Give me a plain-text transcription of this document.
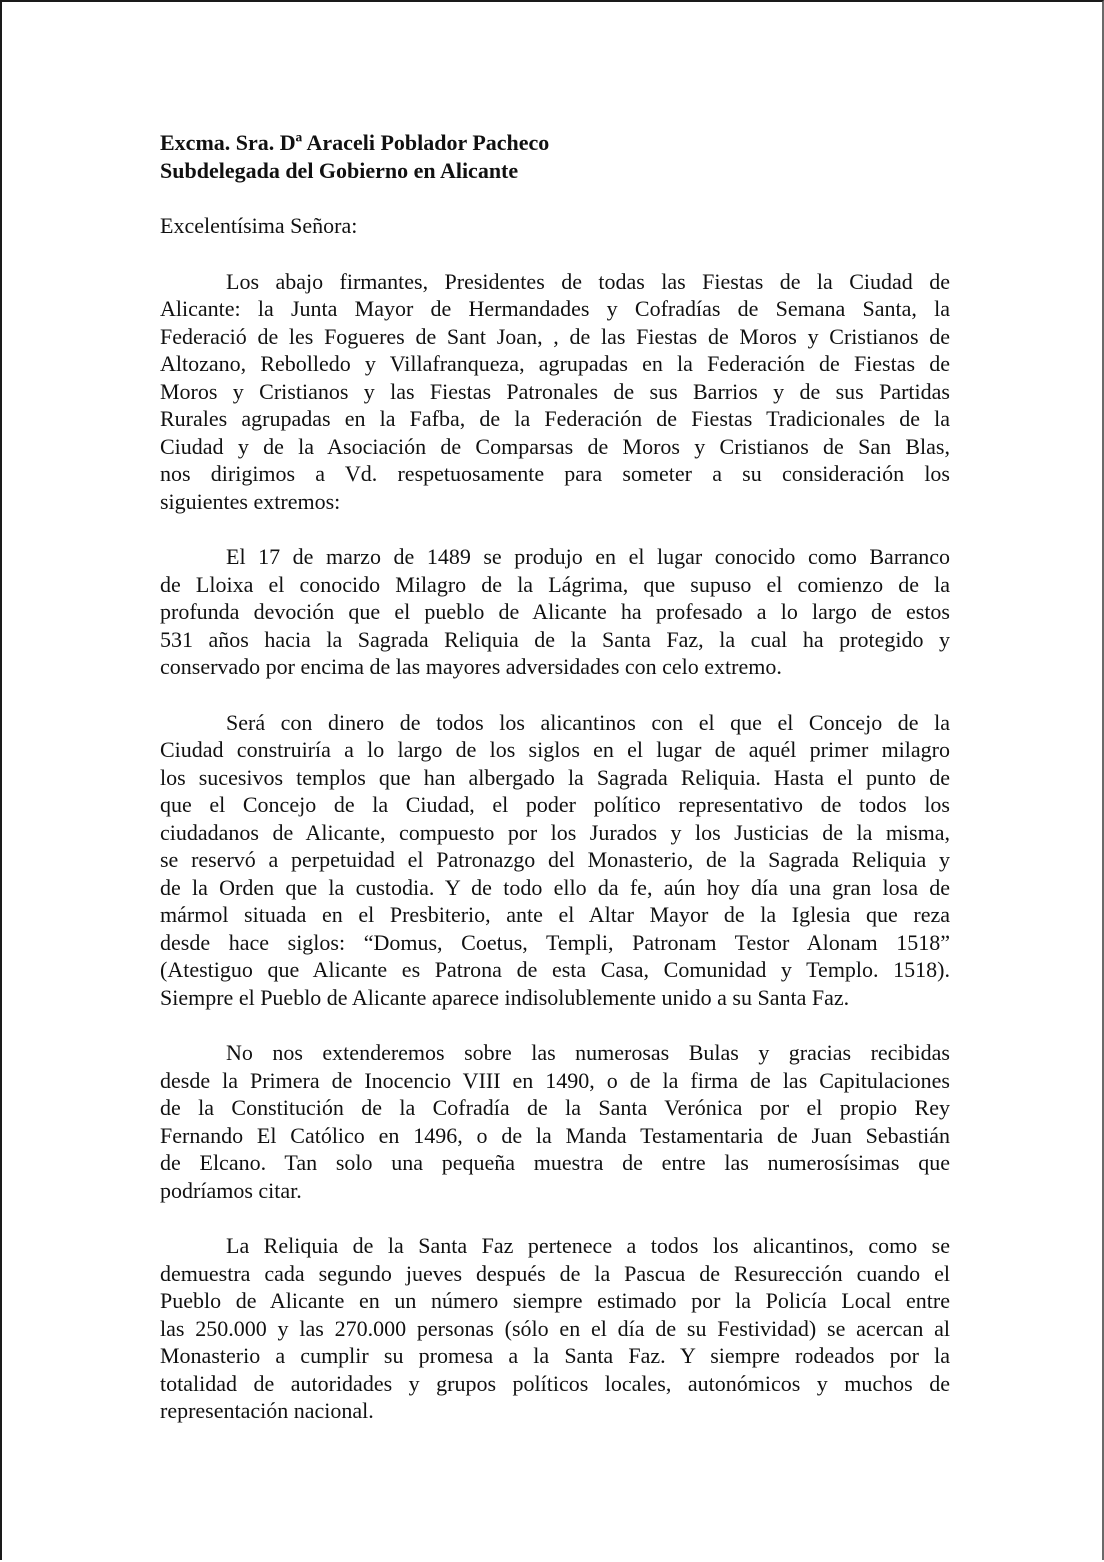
Excma. Sra. Dª Araceli Poblador Pacheco
Subdelegada del Gobierno en Alicante
Excelentísima Señora:
Los abajo firmantes, Presidentes de todas las Fiestas de la Ciudad de
Alicante: la Junta Mayor de Hermandades y Cofradías de Semana Santa, la
Federació de les Fogueres de Sant Joan, , de las Fiestas de Moros y Cristianos de
Altozano, Rebolledo y Villafranqueza, agrupadas en la Federación de Fiestas de
Moros y Cristianos y las Fiestas Patronales de sus Barrios y de sus Partidas
Rurales agrupadas en la Fafba, de la Federación de Fiestas Tradicionales de la
Ciudad y de la Asociación de Comparsas de Moros y Cristianos de San Blas,
nos dirigimos a Vd. respetuosamente para someter a su consideración los
siguientes extremos:
El 17 de marzo de 1489 se produjo en el lugar conocido como Barranco
de Lloixa el conocido Milagro de la Lágrima, que supuso el comienzo de la
profunda devoción que el pueblo de Alicante ha profesado a lo largo de estos
531 años hacia la Sagrada Reliquia de la Santa Faz, la cual ha protegido y
conservado por encima de las mayores adversidades con celo extremo.
Será con dinero de todos los alicantinos con el que el Concejo de la
Ciudad construiría a lo largo de los siglos en el lugar de aquél primer milagro
los sucesivos templos que han albergado la Sagrada Reliquia. Hasta el punto de
que el Concejo de la Ciudad, el poder político representativo de todos los
ciudadanos de Alicante, compuesto por los Jurados y los Justicias de la misma,
se reservó a perpetuidad el Patronazgo del Monasterio, de la Sagrada Reliquia y
de la Orden que la custodia. Y de todo ello da fe, aún hoy día una gran losa de
mármol situada en el Presbiterio, ante el Altar Mayor de la Iglesia que reza
desde hace siglos: “Domus, Coetus, Templi, Patronam Testor Alonam 1518”
(Atestiguo que Alicante es Patrona de esta Casa, Comunidad y Templo. 1518).
Siempre el Pueblo de Alicante aparece indisolublemente unido a su Santa Faz.
No nos extenderemos sobre las numerosas Bulas y gracias recibidas
desde la Primera de Inocencio VIII en 1490, o de la firma de las Capitulaciones
de la Constitución de la Cofradía de la Santa Verónica por el propio Rey
Fernando El Católico en 1496, o de la Manda Testamentaria de Juan Sebastián
de Elcano. Tan solo una pequeña muestra de entre las numerosísimas que
podríamos citar.
La Reliquia de la Santa Faz pertenece a todos los alicantinos, como se
demuestra cada segundo jueves después de la Pascua de Resurección cuando el
Pueblo de Alicante en un número siempre estimado por la Policía Local entre
las 250.000 y las 270.000 personas (sólo en el día de su Festividad) se acercan al
Monasterio a cumplir su promesa a la Santa Faz. Y siempre rodeados por la
totalidad de autoridades y grupos políticos locales, autonómicos y muchos de
representación nacional.
